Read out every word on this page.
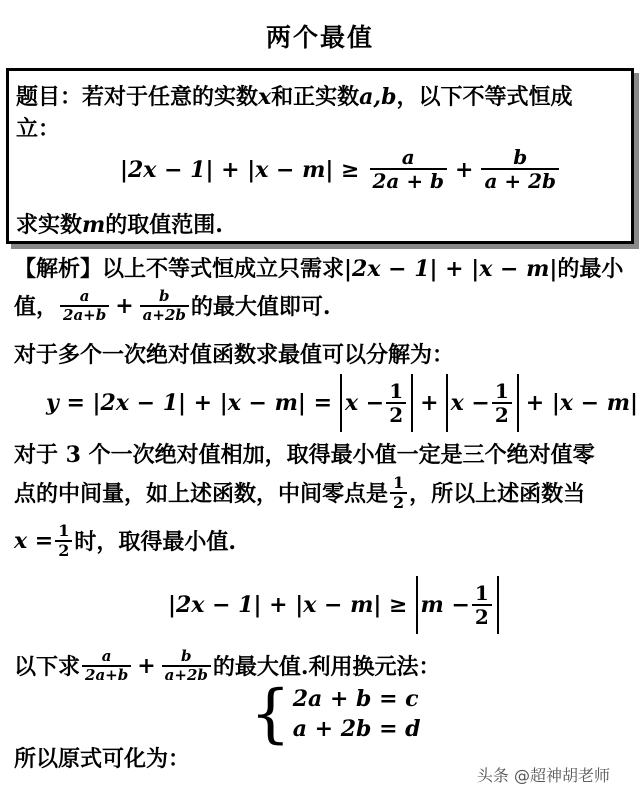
两个最值
题目：若对于任意的实数x和正实数a,b，以下不等式恒成
立：
$|2x - 1| + |x - m| \ge \frac{a}{2a + b} + \frac{b}{a + 2b}$
求实数m的取值范围.
【解析】以上不等式恒成立只需求|2x − 1| + |x − m|的最小
值， $\frac{a}{2a+b} + \frac{b}{a+2b}$ 的最大值即可.
对于多个一次绝对值函数求最值可以分解为：
$y = |2x - 1| + |x - m| = x - \frac{1}{2} + x - \frac{1}{2} + |x - m|$
对于 3 个一次绝对值相加，取得最小值一定是三个绝对值零
点的中间量，如上述函数，中间零点是 $\frac{1}{2}$ ，所以上述函数当
$x = \frac{1}{2}$ 时，取得最小值.
$|2x - 1| + |x - m| \ge m - \frac{1}{2}$
以下求 $\frac{a}{2a+b} + \frac{b}{a+2b}$ 的最大值.利用换元法：
{ 2a + b = c
a + 2b = d
所以原式可化为：
头条 @超神胡老师
